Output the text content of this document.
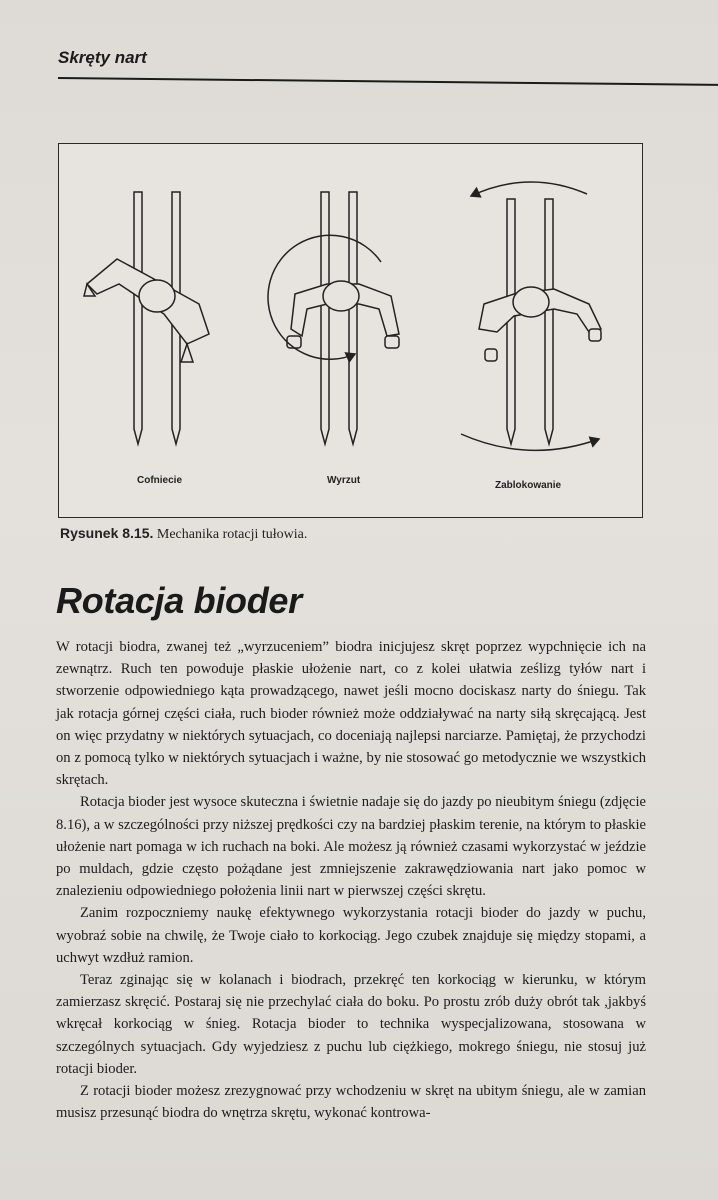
Skręty nart
Cofniecie	Wyrzut	Zablokowanie
Rysunek 8.15. Mechanika rotacji tułowia.
Rotacja bioder

W rotacji biodra, zwanej też „wyrzuceniem” biodra inicjujesz skręt poprzez wypchnięcie ich na zewnątrz. Ruch ten powoduje płaskie ułożenie nart, co z kolei ułatwia ześlizg tyłów nart i stworzenie odpowiedniego kąta prowadzącego, nawet jeśli mocno dociskasz narty do śniegu. Tak jak rotacja górnej części ciała, ruch bioder również może oddziaływać na narty siłą skręcającą. Jest on więc przydatny w niektórych sytuacjach, co doceniają najlepsi narciarze. Pamiętaj, że przychodzi on z pomocą tylko w niektórych sytuacjach i ważne, by nie stosować go metodycznie we wszystkich skrętach.

Rotacja bioder jest wysoce skuteczna i świetnie nadaje się do jazdy po nieubitym śniegu (zdjęcie 8.16), a w szczególności przy niższej prędkości czy na bardziej płaskim terenie, na którym to płaskie ułożenie nart pomaga w ich ruchach na boki. Ale możesz ją również czasami wykorzystać w jeździe po muldach, gdzie często pożądane jest zmniejszenie zakrawędziowania nart jako pomoc w znalezieniu odpowiedniego położenia linii nart w pierwszej części skrętu.

Zanim rozpoczniemy naukę efektywnego wykorzystania rotacji bioder do jazdy w puchu, wyobraź sobie na chwilę, że Twoje ciało to korkociąg. Jego czubek znajduje się między stopami, a uchwyt wzdłuż ramion.

Teraz zginając się w kolanach i biodrach, przekręć ten korkociąg w kierunku, w którym zamierzasz skręcić. Postaraj się nie przechylać ciała do boku. Po prostu zrób duży obrót tak ,jakbyś wkręcał korkociąg w śnieg. Rotacja bioder to technika wyspecjalizowana, stosowana w szczególnych sytuacjach. Gdy wyjedziesz z puchu lub ciężkiego, mokrego śniegu, nie stosuj już rotacji bioder.

Z rotacji bioder możesz zrezygnować przy wchodzeniu w skręt na ubitym śniegu, ale w zamian musisz przesunąć biodra do wnętrza skrętu, wykonać kontrowa-
